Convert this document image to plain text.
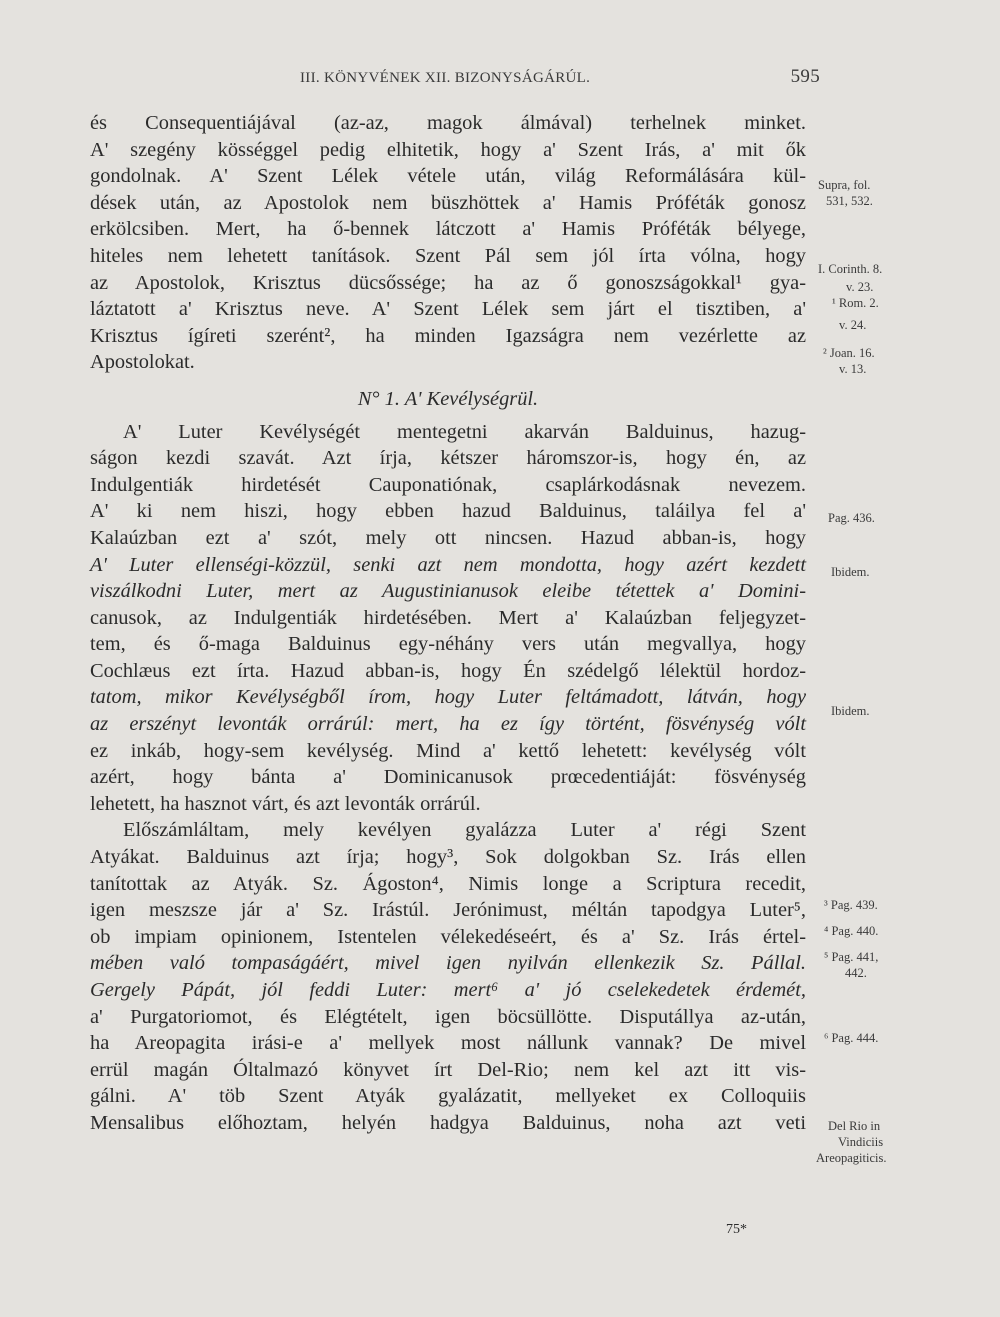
III. KÖNYVÉNEK XII. BIZONYSÁGÁRÚL.	595
és Consequentiájával (az-az, magok álmával) terhelnek minket.
A' szegény kösséggel pedig elhitetik, hogy a' Szent Irás, a' mit ők
gondolnak. A' Szent Lélek vétele után, világ Reformálására kül-
dések után, az Apostolok nem büszhöttek a' Hamis Próféták gonosz
erkölcsiben. Mert, ha ő-bennek látczott a' Hamis Próféták bélyege,
hiteles nem lehetett tanítások. Szent Pál sem jól írta vólna, hogy
az Apostolok, Krisztus dücsőssége; ha az ő gonoszságokkal¹ gya-
láztatott a' Krisztus neve. A' Szent Lélek sem járt el tisztiben, a'
Krisztus ígíreti szerént², ha minden Igazságra nem vezérlette az
Apostolokat.
N° 1. A' Kevélységrül.
A' Luter Kevélységét mentegetni akarván Balduinus, hazug-
ságon kezdi szavát. Azt írja, kétszer háromszor-is, hogy én, az
Indulgentiák hirdetését Cauponatiónak, csaplárkodásnak nevezem.
A' ki nem hiszi, hogy ebben hazud Balduinus, taláilya fel a'
Kalaúzban ezt a' szót, mely ott nincsen. Hazud abban-is, hogy
A' Luter ellenségi-közzül, senki azt nem mondotta, hogy azért kezdett
viszálkodni Luter, mert az Augustinianusok eleibe tétettek a' Domini-
canusok, az Indulgentiák hirdetésében. Mert a' Kalaúzban feljegyzet-
tem, és ő-maga Balduinus egy-néhány vers után megvallya, hogy
Cochlæus ezt írta. Hazud abban-is, hogy Én szédelgő lélektül hordoz-
tatom, mikor Kevélységből írom, hogy Luter feltámadott, látván, hogy
az erszényt levonták orrárúl: mert, ha ez így történt, fösvénység vólt
ez inkáb, hogy-sem kevélység. Mind a' kettő lehetett: kevélység vólt
azért, hogy bánta a' Dominicanusok prœcedentiáját: fösvénység
lehetett, ha hasznot várt, és azt levonták orrárúl.
Előszámláltam, mely kevélyen gyalázza Luter a' régi Szent
Atyákat. Balduinus azt írja; hogy³, Sok dolgokban Sz. Irás ellen
tanítottak az Atyák. Sz. Ágoston⁴, Nimis longe a Scriptura recedit,
igen meszsze jár a' Sz. Irástúl. Jerónimust, méltán tapodgya Luter⁵,
ob impiam opinionem, Istentelen vélekedéseért, és a' Sz. Irás értel-
mében való tompaságáért, mivel igen nyilván ellenkezik Sz. Pállal.
Gergely Pápát, jól feddi Luter: mert⁶ a' jó cselekedetek érdemét,
a' Purgatoriomot, és Elégtételt, igen böcsüllötte. Disputállya az-után,
ha Areopagita irási-e a' mellyek most nállunk vannak? De mivel
errül magán Óltalmazó könyvet írt Del-Rio; nem kel azt itt vis-
gálni. A' töb Szent Atyák gyalázatit, mellyeket ex Colloquiis
Mensalibus előhoztam, helyén hadgya Balduinus, noha azt veti
Supra, fol.
531, 532.
I. Corinth. 8.
v. 23.
¹ Rom. 2.
v. 24.
² Joan. 16.
v. 13.
Pag. 436.
Ibidem.
Ibidem.
³ Pag. 439.
⁴ Pag. 440.
⁵ Pag. 441,
442.
⁶ Pag. 444.
Del Rio in
Vindiciis
Areopagiticis.
75*
